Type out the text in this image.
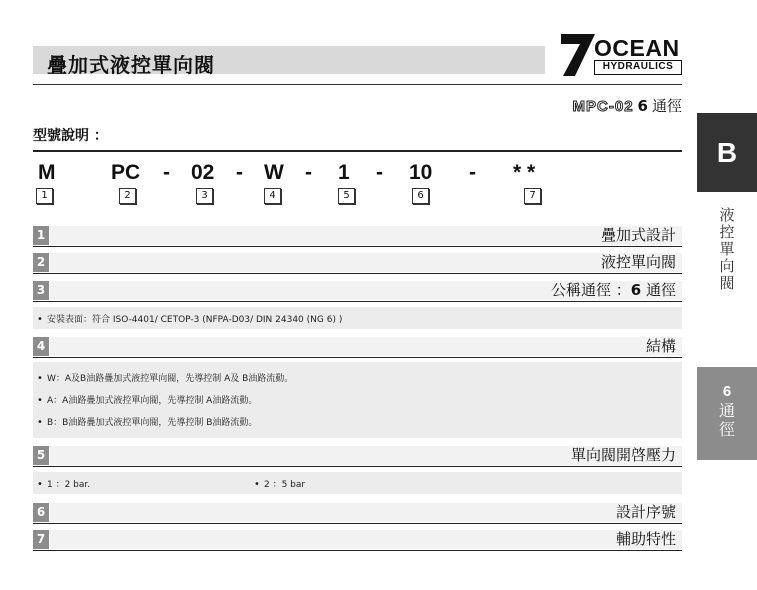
疊加式液控單向閥
OCEAN
HYDRAULICS
MPC-02 6 通徑
型號說明 ：
M	PC - 02 - W - 1 - 10 - * *
1	2	3	4	5	6	7
1	疊加式設計
2	液控單向閥
3	公稱通徑 ：6 通徑
• 安裝表面：符合 ISO-4401/ CETOP-3 (NFPA-D03/ DIN 24340 (NG 6) )
4	結構
• W：A及B油路疊加式液控單向閥，先導控制 A及 B油路流動。
• A：A油路疊加式液控單向閥，先導控制 A油路流動。
• B：B油路疊加式液控單向閥，先導控制 B油路流動。
5	單向閥開啓壓力
• 1 ：2 bar.	• 2 ：5 bar
6	設計序號
7	輔助特性
B
液
控
單
向
閥
6
通
徑
